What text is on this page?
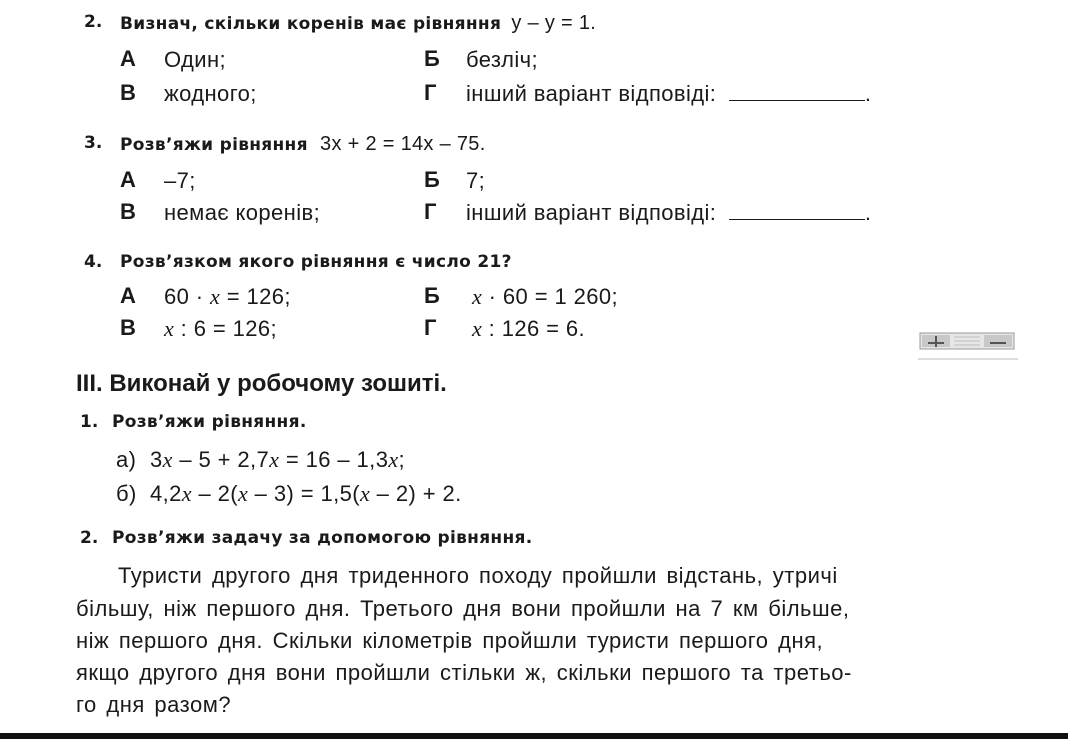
2. Визнач, скільки коренів має рівняння y – y = 1.
А Один;	Б безліч;
В жодного;	Г інший варіант відповіді:	.
3. Розв’яжи рівняння 3x + 2 = 14x – 75.
А –7;	Б 7;
В немає коренів;	Г інший варіант відповіді:	.
4. Розв’язком якого рівняння є число 21?
А 60 · x = 126;	Б x · 60 = 1 260;
В x : 6 = 126;	Г x : 126 = 6.
ІІІ. Виконай у робочому зошиті.
1. Розв’яжи рівняння.
а) 3x – 5 + 2,7x = 16 – 1,3x;
б) 4,2x – 2(x – 3) = 1,5(x – 2) + 2.
2. Розв’яжи задачу за допомогою рівняння.
Туристи другого дня триденного походу пройшли відстань, утричі
більшу, ніж першого дня. Третього дня вони пройшли на 7 км більше,
ніж першого дня. Скільки кілометрів пройшли туристи першого дня,
якщо другого дня вони пройшли стільки ж, скільки першого та третьо-
го дня разом?
